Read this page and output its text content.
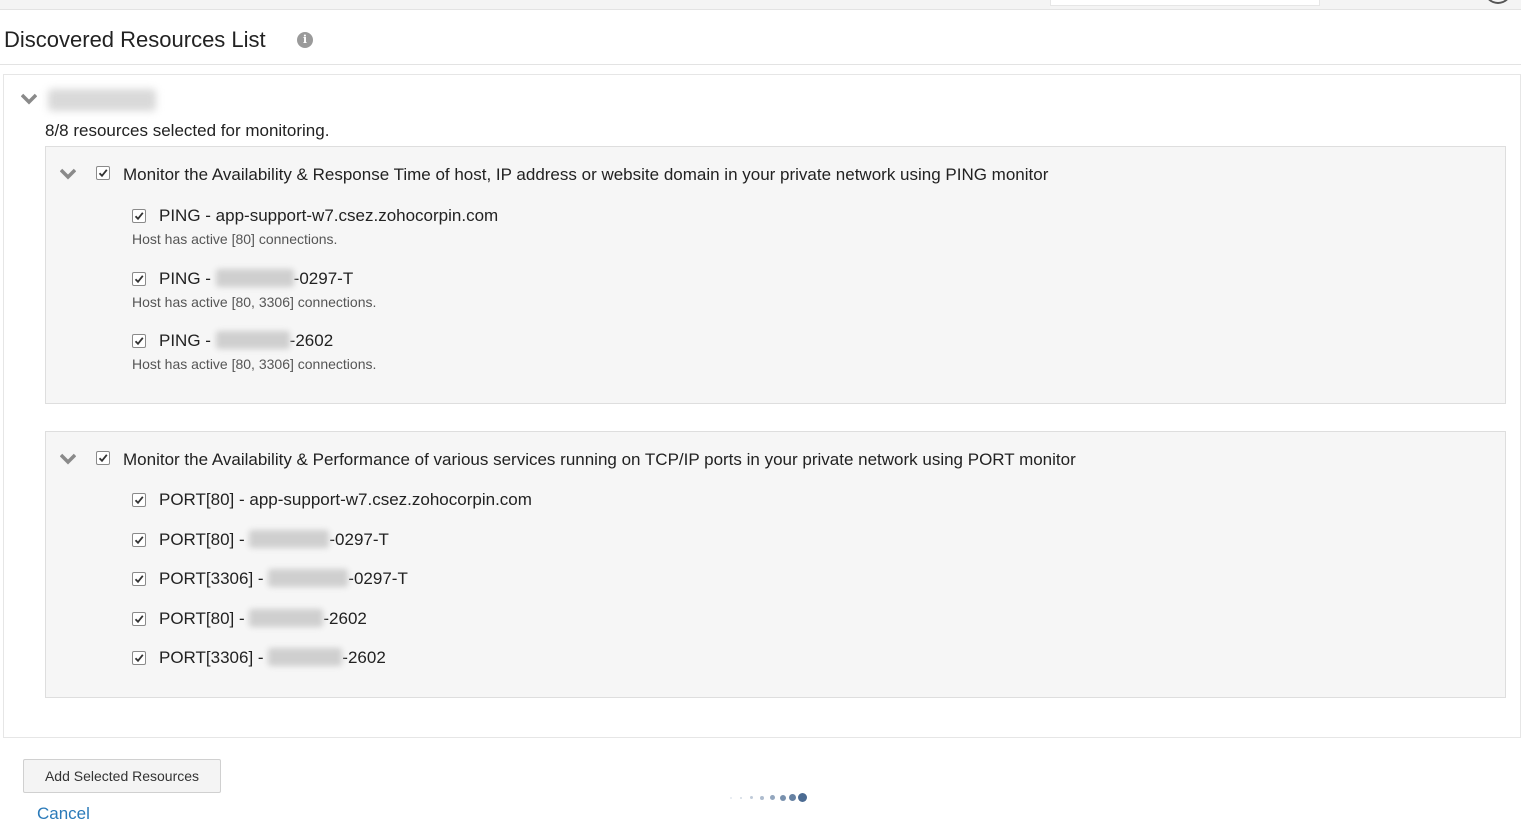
Discovered Resources List	i
8/8 resources selected for monitoring.
Monitor the Availability & Response Time of host, IP address or website domain in your private network using PING monitor
PING - app-support-w7.csez.zohocorpin.com
Host has active [80] connections.
PING -	-0297-T
Host has active [80, 3306] connections.
PING -	-2602
Host has active [80, 3306] connections.
Monitor the Availability & Performance of various services running on TCP/IP ports in your private network using PORT monitor
PORT[80] - app-support-w7.csez.zohocorpin.com
PORT[80] -	-0297-T
PORT[3306] -	-0297-T
PORT[80] -	-2602
PORT[3306] -	-2602
Add Selected Resources
Cancel
